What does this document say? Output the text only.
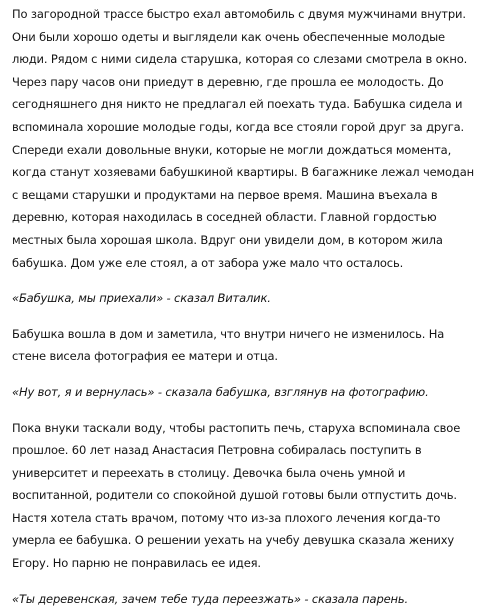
По загородной трассе быстро ехал автомобиль с двумя мужчинами внутри. Они были хорошо одеты и выглядели как очень обеспеченные молодые люди. Рядом с ними сидела старушка, которая со слезами смотрела в окно. Через пару часов они приедут в деревню, где прошла ее молодость. До сегодняшнего дня никто не предлагал ей поехать туда. Бабушка сидела и вспоминала хорошие молодые годы, когда все стояли горой друг за друга. Спереди ехали довольные внуки, которые не могли дождаться момента, когда станут хозяевами бабушкиной квартиры. В багажнике лежал чемодан с вещами старушки и продуктами на первое время. Машина въехала в деревню, которая находилась в соседней области. Главной гордостью местных была хорошая школа. Вдруг они увидели дом, в котором жила бабушка. Дом уже еле стоял, а от забора уже мало что осталось.

«Бабушка, мы приехали» - сказал Виталик.

Бабушка вошла в дом и заметила, что внутри ничего не изменилось. На стене висела фотография ее матери и отца.

«Ну вот, я и вернулась» - сказала бабушка, взглянув на фотографию.

Пока внуки таскали воду, чтобы растопить печь, старуха вспоминала свое прошлое. 60 лет назад Анастасия Петровна собиралась поступить в университет и переехать в столицу. Девочка была очень умной и воспитанной, родители со спокойной душой готовы были отпустить дочь. Настя хотела стать врачом, потому что из-за плохого лечения когда-то умерла ее бабушка. О решении уехать на учебу девушка сказала жениху Егору. Но парню не понравилась ее идея.

«Ты деревенская, зачем тебе туда переезжать» - сказала парень.
